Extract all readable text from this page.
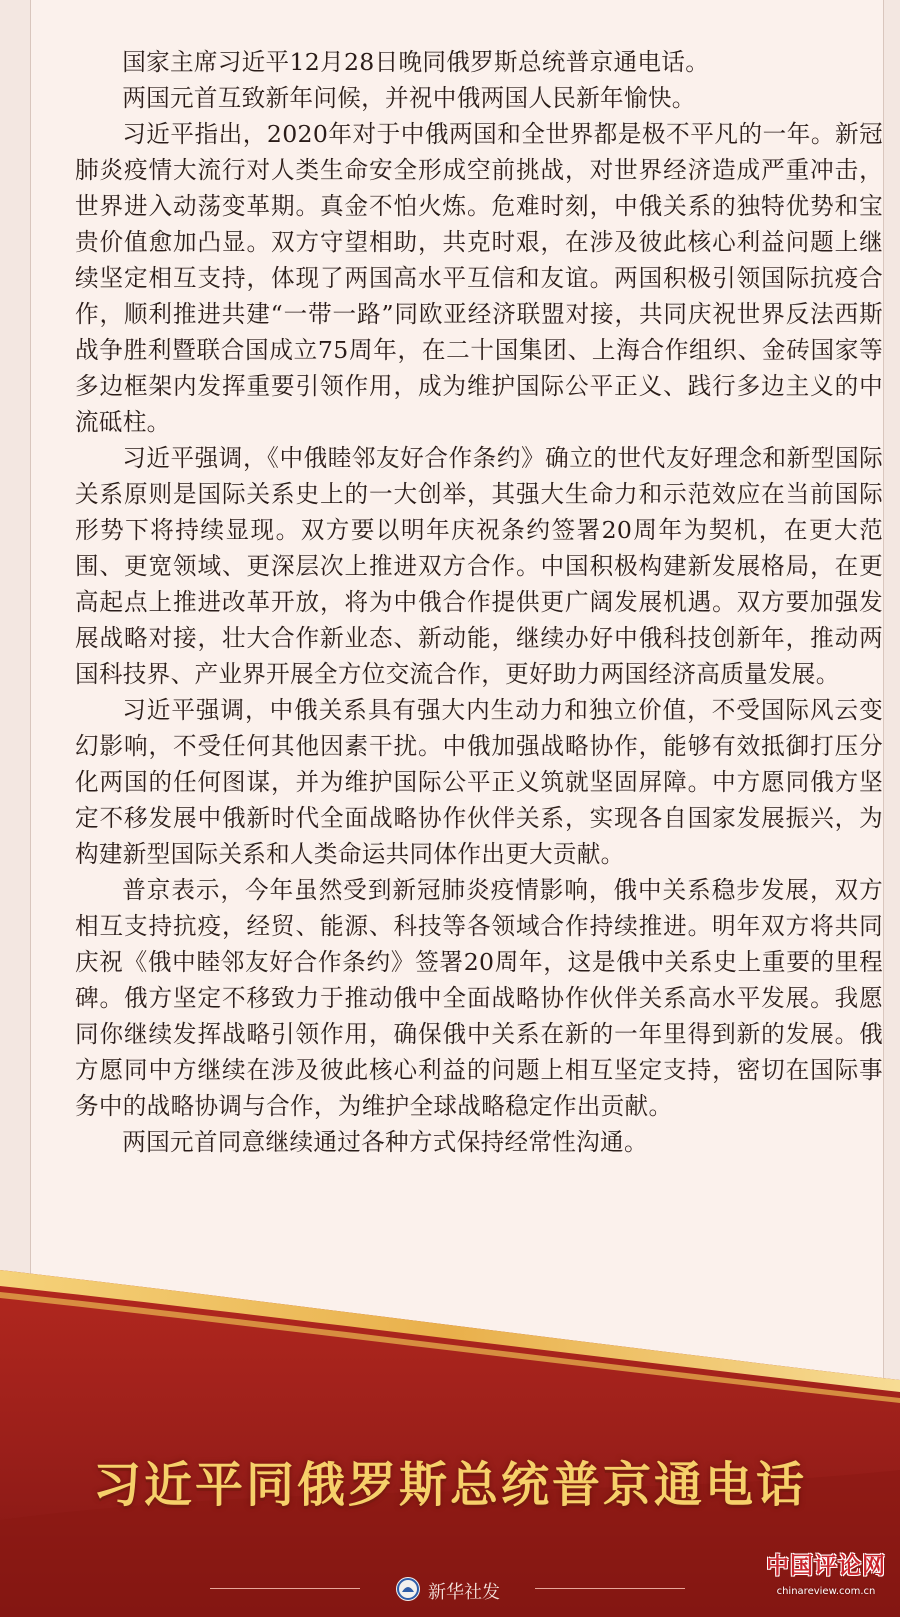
国家主席习近平12月28日晚同俄罗斯总统普京通电话。

两国元首互致新年问候，并祝中俄两国人民新年愉快。

习近平指出，2020年对于中俄两国和全世界都是极不平凡的一年。新冠肺炎疫情大流行对人类生命安全形成空前挑战，对世界经济造成严重冲击，世界进入动荡变革期。真金不怕火炼。危难时刻，中俄关系的独特优势和宝贵价值愈加凸显。双方守望相助，共克时艰，在涉及彼此核心利益问题上继续坚定相互支持，体现了两国高水平互信和友谊。两国积极引领国际抗疫合作，顺利推进共建“一带一路”同欧亚经济联盟对接，共同庆祝世界反法西斯战争胜利暨联合国成立75周年，在二十国集团、上海合作组织、金砖国家等多边框架内发挥重要引领作用，成为维护国际公平正义、践行多边主义的中流砥柱。

习近平强调，《中俄睦邻友好合作条约》确立的世代友好理念和新型国际关系原则是国际关系史上的一大创举，其强大生命力和示范效应在当前国际形势下将持续显现。双方要以明年庆祝条约签署20周年为契机，在更大范围、更宽领域、更深层次上推进双方合作。中国积极构建新发展格局，在更高起点上推进改革开放，将为中俄合作提供更广阔发展机遇。双方要加强发展战略对接，壮大合作新业态、新动能，继续办好中俄科技创新年，推动两国科技界、产业界开展全方位交流合作，更好助力两国经济高质量发展。

习近平强调，中俄关系具有强大内生动力和独立价值，不受国际风云变幻影响，不受任何其他因素干扰。中俄加强战略协作，能够有效抵御打压分化两国的任何图谋，并为维护国际公平正义筑就坚固屏障。中方愿同俄方坚定不移发展中俄新时代全面战略协作伙伴关系，实现各自国家发展振兴，为构建新型国际关系和人类命运共同体作出更大贡献。

普京表示，今年虽然受到新冠肺炎疫情影响，俄中关系稳步发展，双方相互支持抗疫，经贸、能源、科技等各领域合作持续推进。明年双方将共同庆祝《俄中睦邻友好合作条约》签署20周年，这是俄中关系史上重要的里程碑。俄方坚定不移致力于推动俄中全面战略协作伙伴关系高水平发展。我愿同你继续发挥战略引领作用，确保俄中关系在新的一年里得到新的发展。俄方愿同中方继续在涉及彼此核心利益的问题上相互坚定支持，密切在国际事务中的战略协调与合作，为维护全球战略稳定作出贡献。

两国元首同意继续通过各种方式保持经常性沟通。

习近平同俄罗斯总统普京通电话
新华社发
中国评论网
chinareview.com.cn
